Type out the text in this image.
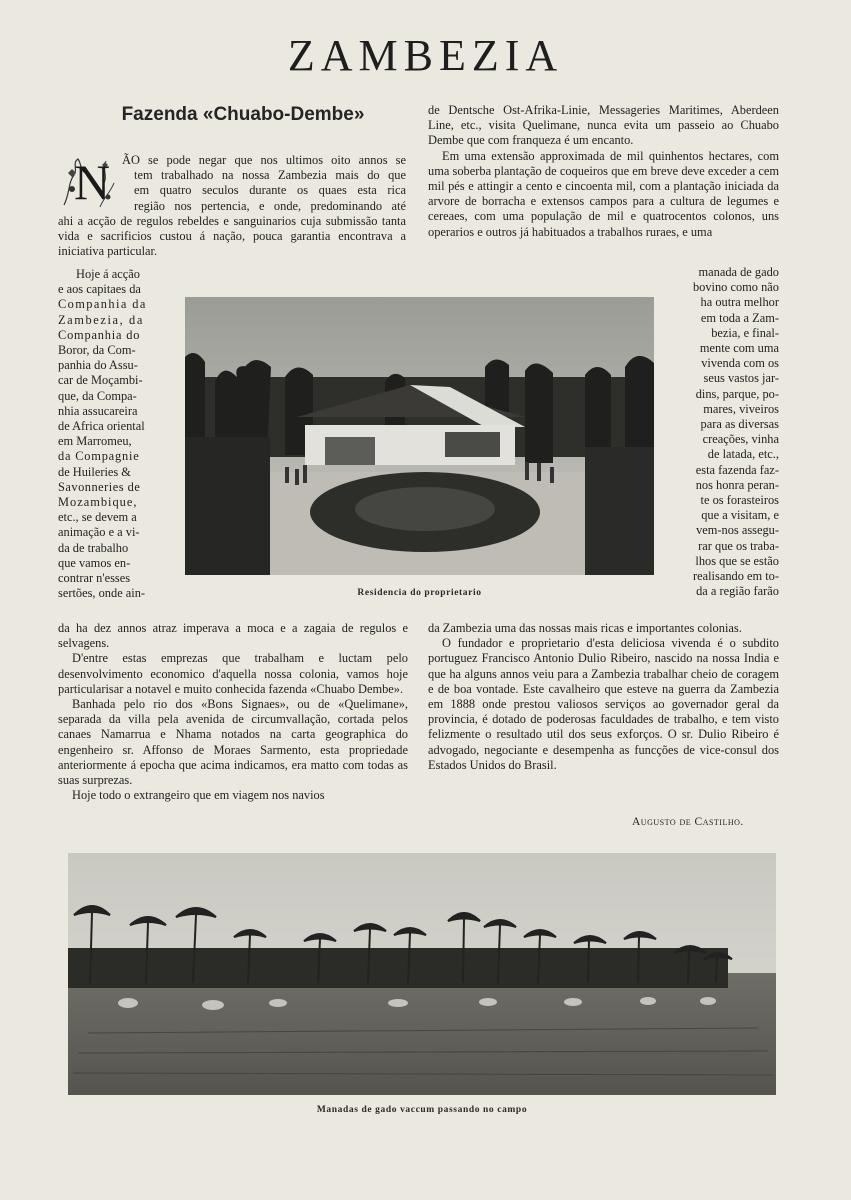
ZAMBEZIA
Fazenda «Chuabo-Dembe»
N ÃO se pode negar que nos ultimos oito annos se
tem trabalhado na nossa Zambezia mais do que
em quatro seculos durante os quaes esta rica
região nos pertencia, e onde, predominando até

ahi a acção de regulos rebeldes e sanguinarios cuja submissão tanta vida e sacrificios custou á nação, pouca garantia encontrava a iniciativa particular.

Hoje á acção
e aos capitaes da
Companhia da
Zambezia, da
Companhia do
Boror, da Com-
panhia do Assu-
car de Moçambi-
que, da Compa-
nhia assucareira
de Africa oriental
em Marromeu,
da Compagnie
de Huileries &
Savonneries de
Mozambique,
etc., se devem a
animação e a vi-
da de trabalho
que vamos en-
contrar n'esses
sertões, onde ain-	Residencia do proprietario

de Dentsche Ost-Afrika-Linie, Messageries Maritimes, Aberdeen Line, etc., visita Quelimane, nunca evita um passeio ao Chuabo Dembe que com franqueza é um encanto.

Em uma extensão approximada de mil quinhentos hectares, com uma soberba plantação de coqueiros que em breve deve exceder a cem mil pés e attingir a cento e cincoenta mil, com a plantação iniciada da arvore de borracha e extensos campos para a cultura de legumes e cereaes, com uma população de mil e quatrocentos colonos, uns operarios e outros já habituados a trabalhos ruraes, e uma

manada de gado
bovino como não
ha outra melhor
em toda a Zam-
bezia, e final-
mente com uma
vivenda com os
seus vastos jar-
dins, parque, po-
mares, viveiros
para as diversas
creações, vinha
de latada, etc.,
esta fazenda faz-
nos honra peran-
te os forasteiros
que a visitam, e
vem-nos assegu-
rar que os traba-
lhos que se estão
realisando em to-
da a região farão

da ha dez annos atraz imperava a moca e a zagaia de regulos e selvagens.

D'entre estas emprezas que trabalham e luctam pelo desenvolvimento economico d'aquella nossa colonia, vamos hoje particularisar a notavel e muito conhecida fazenda «Chuabo Dembe».

Banhada pelo rio dos «Bons Signaes», ou de «Quelimane», separada da villa pela avenida de circumvallação, cortada pelos canaes Namarrua e Nhama notados na carta geographica do engenheiro sr. Affonso de Moraes Sarmento, esta propriedade anteriormente á epocha que acima indicamos, era matto com todas as suas surprezas.

Hoje todo o extrangeiro que em viagem nos navios

da Zambezia uma das nossas mais ricas e importantes colonias.

O fundador e proprietario d'esta deliciosa vivenda é o subdito portuguez Francisco Antonio Dulio Ribeiro, nascido na nossa India e que ha alguns annos veiu para a Zambezia trabalhar cheio de coragem e de boa vontade. Este cavalheiro que esteve na guerra da Zambezia em 1888 onde prestou valiosos serviços ao governador geral da provincia, é dotado de poderosas faculdades de trabalho, e tem visto felizmente o resultado util dos seus exforços. O sr. Dulio Ribeiro é advogado, negociante e desempenha as funcções de vice-consul dos Estados Unidos do Brasil.

Augusto de Castilho.
Manadas de gado vaccum passando no campo
